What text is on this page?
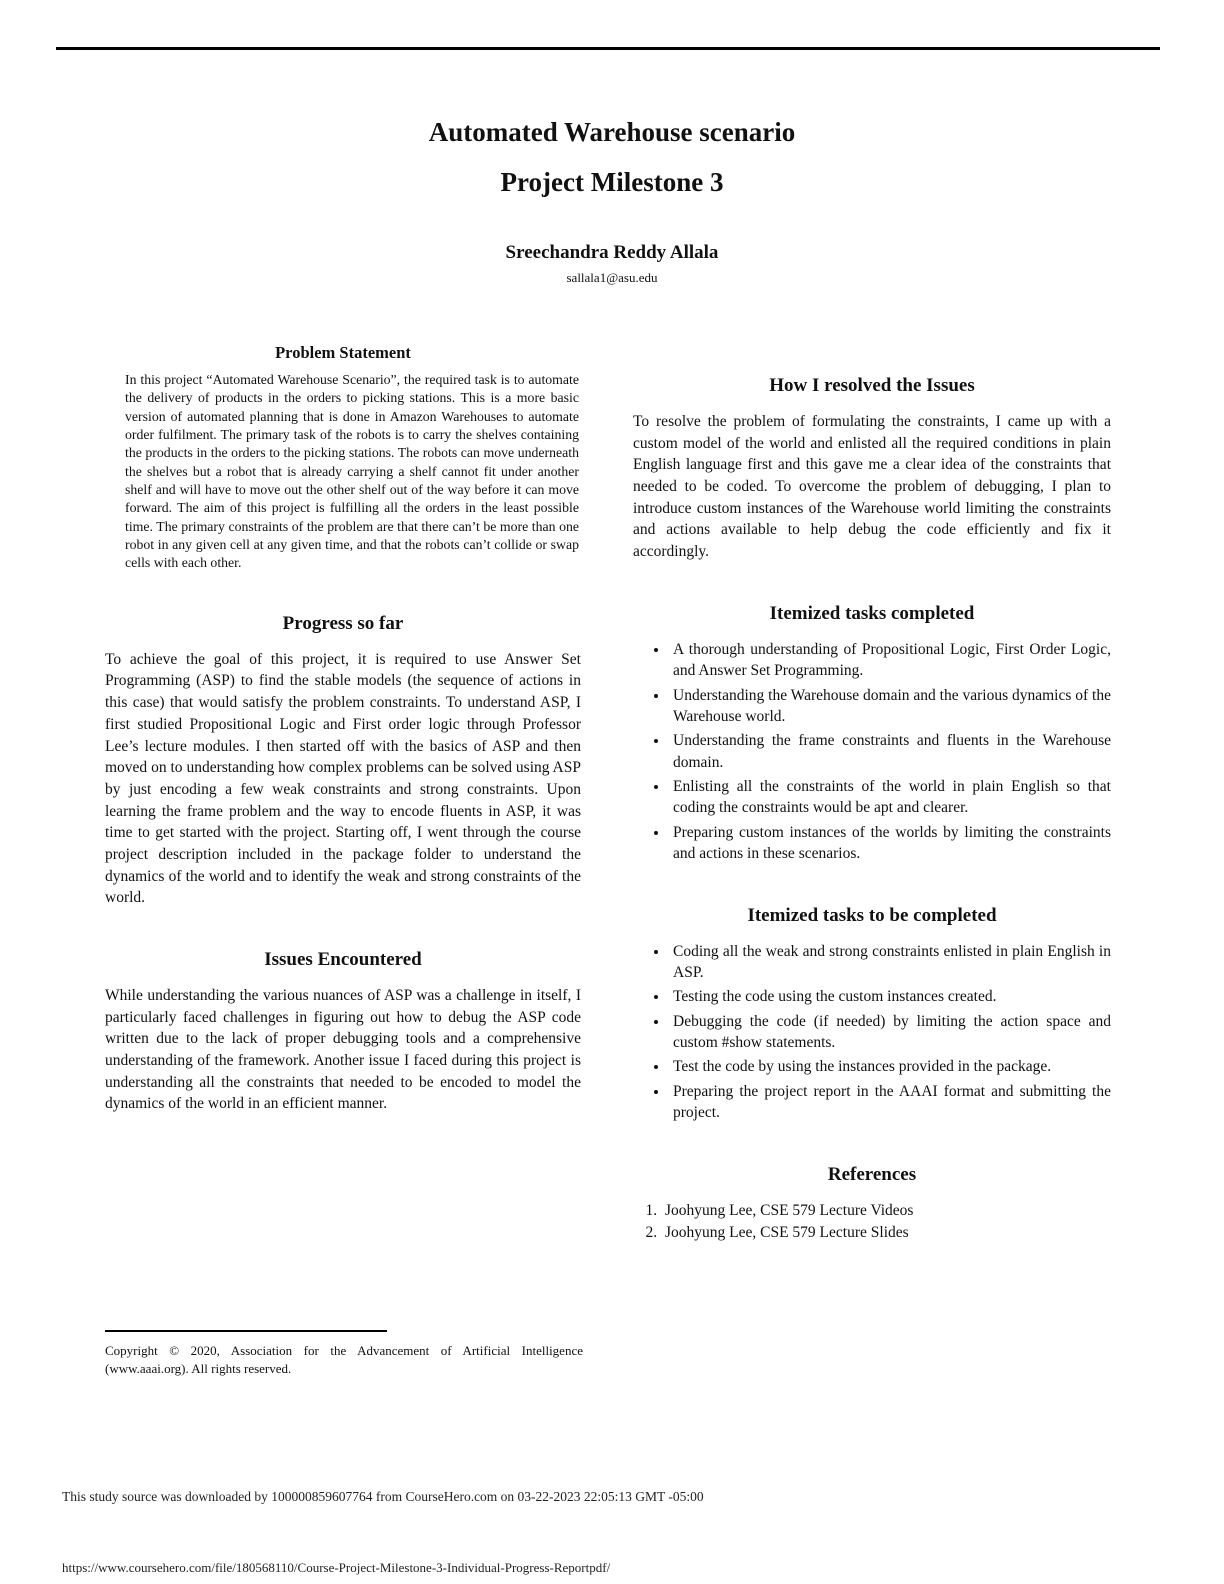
Automated Warehouse scenario
Project Milestone 3
Sreechandra Reddy Allala
sallala1@asu.edu
Problem Statement

In this project “Automated Warehouse Scenario”, the required task is to automate the delivery of products in the orders to picking stations. This is a more basic version of automated planning that is done in Amazon Warehouses to automate order fulfilment. The primary task of the robots is to carry the shelves containing the products in the orders to the picking stations. The robots can move underneath the shelves but a robot that is already carrying a shelf cannot fit under another shelf and will have to move out the other shelf out of the way before it can move forward. The aim of this project is fulfilling all the orders in the least possible time. The primary constraints of the problem are that there can’t be more than one robot in any given cell at any given time, and that the robots can’t collide or swap cells with each other.

Progress so far

To achieve the goal of this project, it is required to use Answer Set Programming (ASP) to find the stable models (the sequence of actions in this case) that would satisfy the problem constraints. To understand ASP, I first studied Propositional Logic and First order logic through Professor Lee’s lecture modules. I then started off with the basics of ASP and then moved on to understanding how complex problems can be solved using ASP by just encoding a few weak constraints and strong constraints. Upon learning the frame problem and the way to encode fluents in ASP, it was time to get started with the project. Starting off, I went through the course project description included in the package folder to understand the dynamics of the world and to identify the weak and strong constraints of the world.

Issues Encountered

While understanding the various nuances of ASP was a challenge in itself, I particularly faced challenges in figuring out how to debug the ASP code written due to the lack of proper debugging tools and a comprehensive understanding of the framework. Another issue I faced during this project is understanding all the constraints that needed to be encoded to model the dynamics of the world in an efficient manner.

How I resolved the Issues

To resolve the problem of formulating the constraints, I came up with a custom model of the world and enlisted all the required conditions in plain English language first and this gave me a clear idea of the constraints that needed to be coded. To overcome the problem of debugging, I plan to introduce custom instances of the Warehouse world limiting the constraints and actions available to help debug the code efficiently and fix it accordingly.

Itemized tasks completed
• A thorough understanding of Propositional Logic, First Order Logic, and Answer Set Programming.
• Understanding the Warehouse domain and the various dynamics of the Warehouse world.
• Understanding the frame constraints and fluents in the Warehouse domain.
• Enlisting all the constraints of the world in plain English so that coding the constraints would be apt and clearer.
• Preparing custom instances of the worlds by limiting the constraints and actions in these scenarios.
Itemized tasks to be completed
• Coding all the weak and strong constraints enlisted in plain English in ASP.
• Testing the code using the custom instances created.
• Debugging the code (if needed) by limiting the action space and custom #show statements.
• Test the code by using the instances provided in the package.
• Preparing the project report in the AAAI format and submitting the project.
References
1. Joohyung Lee, CSE 579 Lecture Videos
2. Joohyung Lee, CSE 579 Lecture Slides

Copyright © 2020, Association for the Advancement of Artificial Intelligence (www.aaai.org). All rights reserved.

This study source was downloaded by 100000859607764 from CourseHero.com on 03-22-2023 22:05:13 GMT -05:00
https://www.coursehero.com/file/180568110/Course-Project-Milestone-3-Individual-Progress-Reportpdf/
